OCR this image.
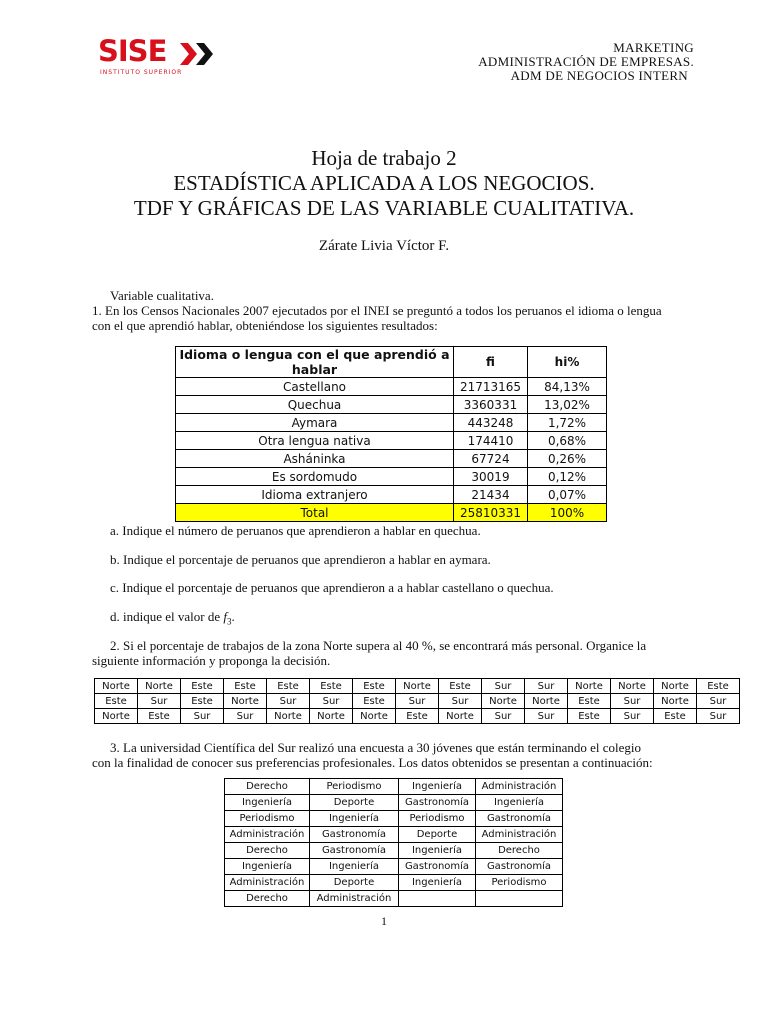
SISE
INSTITUTO SUPERIOR
MARKETING
ADMINISTRACIÓN DE EMPRESAS.
ADM DE NEGOCIOS INTERN
Hoja de trabajo 2
ESTADÍSTICA APLICADA A LOS NEGOCIOS.
TDF Y GRÁFICAS DE LAS VARIABLE CUALITATIVA.
Zárate Livia Víctor F.
Variable cualitativa.
1. En los Censos Nacionales 2007 ejecutados por el INEI se preguntó a todos los peruanos el idioma o lengua
con el que aprendió hablar, obteniéndose los siguientes resultados:
Idioma o lengua con el que aprendió a hablar	fi	hi%
Castellano	21713165	84,13%
Quechua	3360331	13,02%
Aymara	443248	1,72%
Otra lengua nativa	174410	0,68%
Asháninka	67724	0,26%
Es sordomudo	30019	0,12%
Idioma extranjero	21434	0,07%
Total	25810331	100%
a. Indique el número de peruanos que aprendieron a hablar en quechua.
b. Indique el porcentaje de peruanos que aprendieron a hablar en aymara.
c. Indique el porcentaje de peruanos que aprendieron a a hablar castellano o quechua.
d. indique el valor de $f_3$.
2. Si el porcentaje de trabajos de la zona Norte supera al 40 %, se encontrará más personal. Organice la
siguiente información y proponga la decisión.
Norte	Norte	Este	Este	Este	Este	Este	Norte	Este	Sur	Sur	Norte	Norte	Norte	Este
Este	Sur	Este	Norte	Sur	Sur	Este	Sur	Sur	Norte	Norte	Este	Sur	Norte	Sur
Norte	Este	Sur	Sur	Norte	Norte	Norte	Este	Norte	Sur	Sur	Este	Sur	Este	Sur
3. La universidad Científica del Sur realizó una encuesta a 30 jóvenes que están terminando el colegio
con la finalidad de conocer sus preferencias profesionales. Los datos obtenidos se presentan a continuación:
Derecho	Periodismo	Ingeniería	Administración
Ingeniería	Deporte	Gastronomía	Ingeniería
Periodismo	Ingeniería	Periodismo	Gastronomía
Administración	Gastronomía	Deporte	Administración
Derecho	Gastronomía	Ingeniería	Derecho
Ingeniería	Ingeniería	Gastronomía	Gastronomía
Administración	Deporte	Ingeniería	Periodismo
Derecho	Administración		
1
